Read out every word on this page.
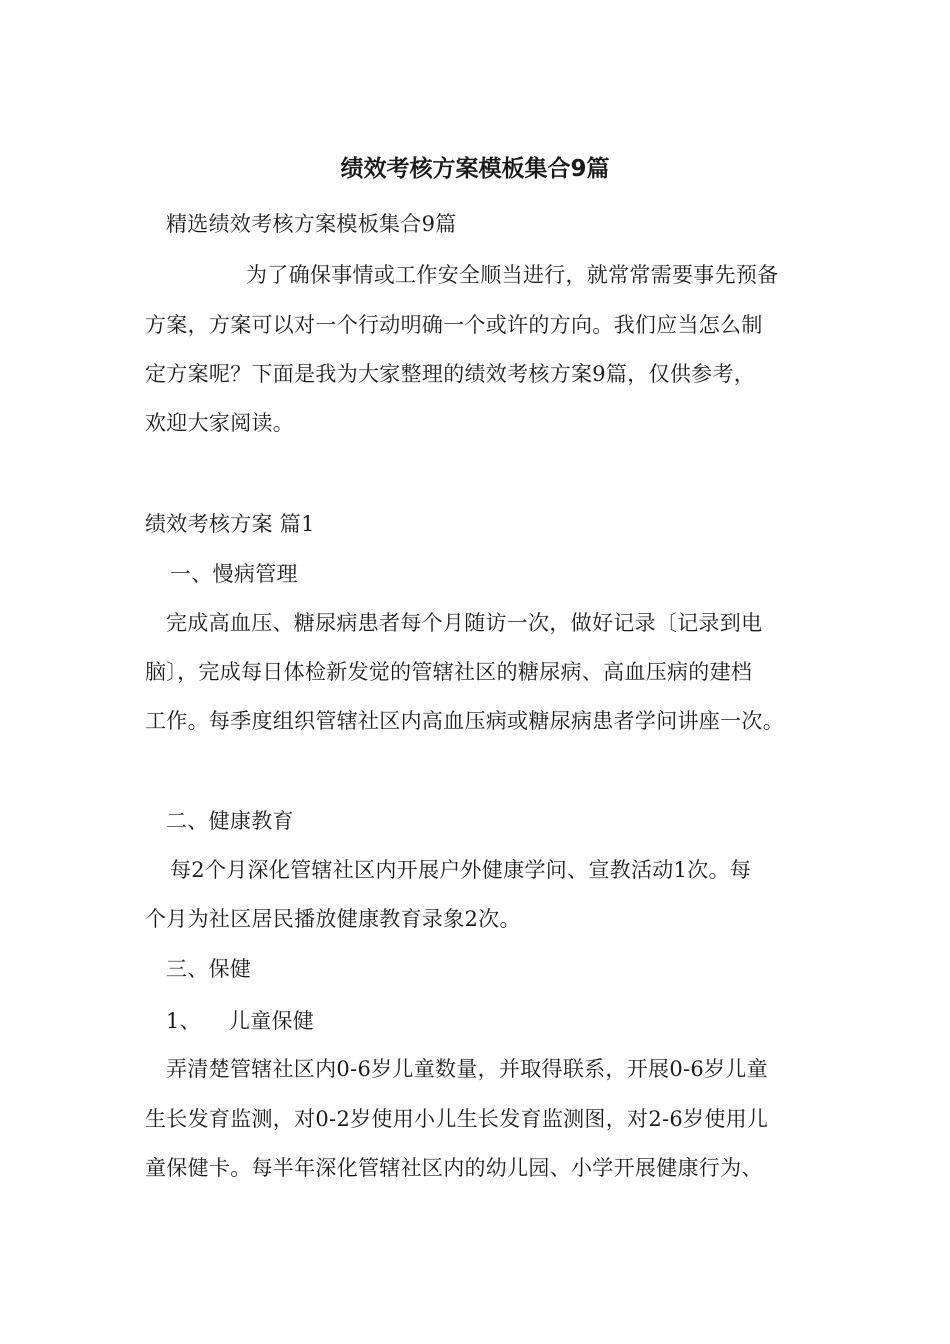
绩效考核方案模板集合9篇
精选绩效考核方案模板集合9篇
为了确保事情或工作安全顺当进行，就常常需要事先预备
方案，方案可以对一个行动明确一个或许的方向。我们应当怎么制
定方案呢？下面是我为大家整理的绩效考核方案9篇，仅供参考，
欢迎大家阅读。
绩效考核方案 篇1
一、慢病管理
完成高血压、糖尿病患者每个月随访一次，做好记录〔记录到电
脑〕，完成每日体检新发觉的管辖社区的糖尿病、高血压病的建档
工作。每季度组织管辖社区内高血压病或糖尿病患者学问讲座一次。
二、健康教育
每2个月深化管辖社区内开展户外健康学问、宣教活动1次。每
个月为社区居民播放健康教育录象2次。
三、保健
1、    儿童保健
弄清楚管辖社区内0-6岁儿童数量，并取得联系，开展0-6岁儿童
生长发育监测，对0-2岁使用小儿生长发育监测图，对2-6岁使用儿
童保健卡。每半年深化管辖社区内的幼儿园、小学开展健康行为、
